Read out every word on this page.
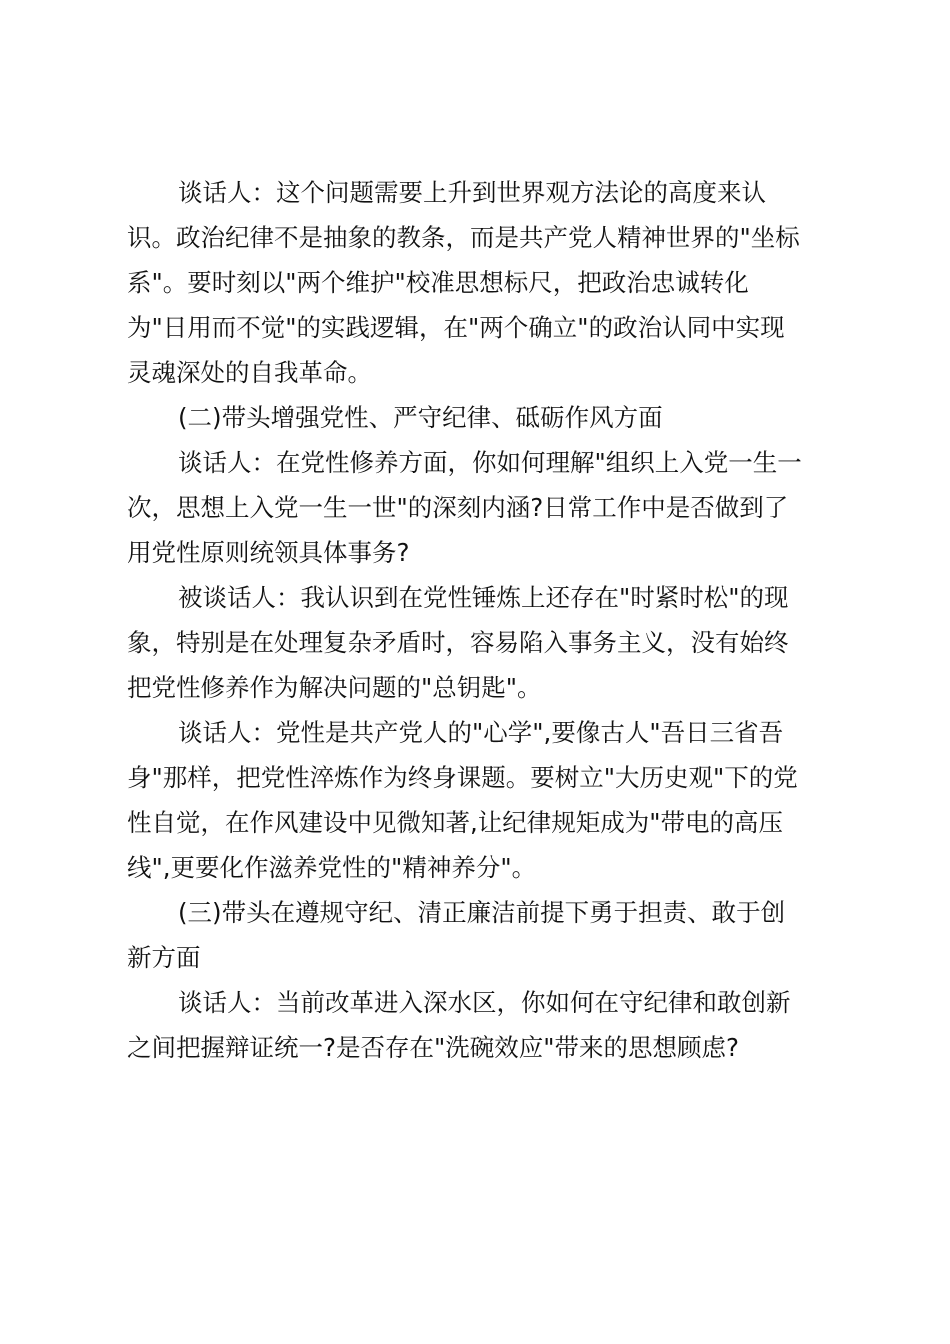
谈话人：这个问题需要上升到世界观方法论的高度来认
识。政治纪律不是抽象的教条，而是共产党人精神世界的"坐标
系"。要时刻以"两个维护"校准思想标尺，把政治忠诚转化
为"日用而不觉"的实践逻辑，在"两个确立"的政治认同中实现
灵魂深处的自我革命。
(二)带头增强党性、严守纪律、砥砺作风方面
谈话人：在党性修养方面，你如何理解"组织上入党一生一
次，思想上入党一生一世"的深刻内涵?日常工作中是否做到了
用党性原则统领具体事务?
被谈话人：我认识到在党性锤炼上还存在"时紧时松"的现
象，特别是在处理复杂矛盾时，容易陷入事务主义，没有始终
把党性修养作为解决问题的"总钥匙"。
谈话人：党性是共产党人的"心学",要像古人"吾日三省吾
身"那样，把党性淬炼作为终身课题。要树立"大历史观"下的党
性自觉，在作风建设中见微知著,让纪律规矩成为"带电的高压
线",更要化作滋养党性的"精神养分"。
(三)带头在遵规守纪、清正廉洁前提下勇于担责、敢于创
新方面
谈话人：当前改革进入深水区，你如何在守纪律和敢创新
之间把握辩证统一?是否存在"洗碗效应"带来的思想顾虑?
